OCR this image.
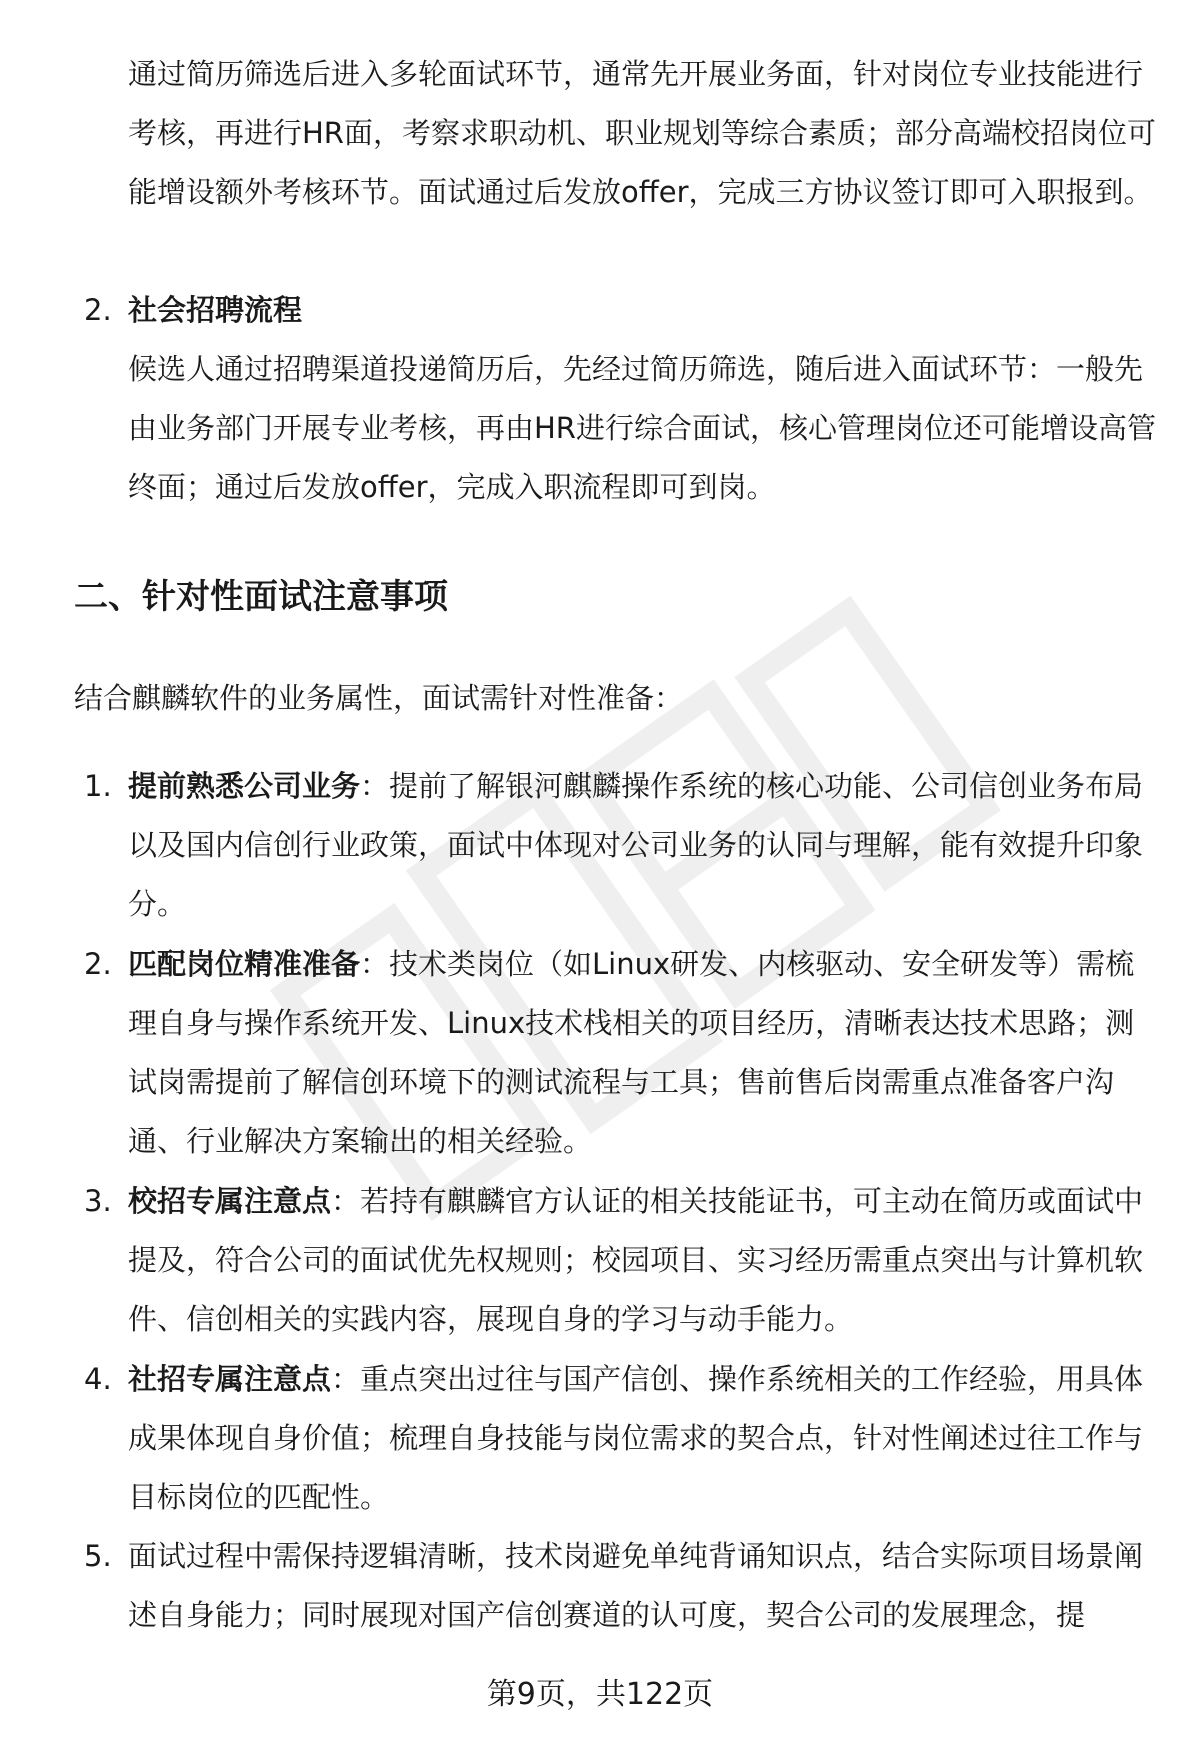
通过简历筛选后进入多轮面试环节，通常先开展业务面，针对岗位专业技能进行考核，再进行HR面，考察求职动机、职业规划等综合素质；部分高端校招岗位可能增设额外考核环节。面试通过后发放offer，完成三方协议签订即可入职报到。

2. 社会招聘流程
候选人通过招聘渠道投递简历后，先经过简历筛选，随后进入面试环节：一般先由业务部门开展专业考核，再由HR进行综合面试，核心管理岗位还可能增设高管终面；通过后发放offer，完成入职流程即可到岗。

二、针对性面试注意事项

结合麒麟软件的业务属性，面试需针对性准备：

1. 提前熟悉公司业务：提前了解银河麒麟操作系统的核心功能、公司信创业务布局以及国内信创行业政策，面试中体现对公司业务的认同与理解，能有效提升印象分。

2. 匹配岗位精准准备：技术类岗位（如Linux研发、内核驱动、安全研发等）需梳理自身与操作系统开发、Linux技术栈相关的项目经历，清晰表达技术思路；测试岗需提前了解信创环境下的测试流程与工具；售前售后岗需重点准备客户沟通、行业解决方案输出的相关经验。

3. 校招专属注意点：若持有麒麟官方认证的相关技能证书，可主动在简历或面试中提及，符合公司的面试优先权规则；校园项目、实习经历需重点突出与计算机软件、信创相关的实践内容，展现自身的学习与动手能力。

4. 社招专属注意点：重点突出过往与国产信创、操作系统相关的工作经验，用具体成果体现自身价值；梳理自身技能与岗位需求的契合点，针对性阐述过往工作与目标岗位的匹配性。

5. 面试过程中需保持逻辑清晰，技术岗避免单纯背诵知识点，结合实际项目场景阐述自身能力；同时展现对国产信创赛道的认可度，契合公司的发展理念，提

第9页，共122页
